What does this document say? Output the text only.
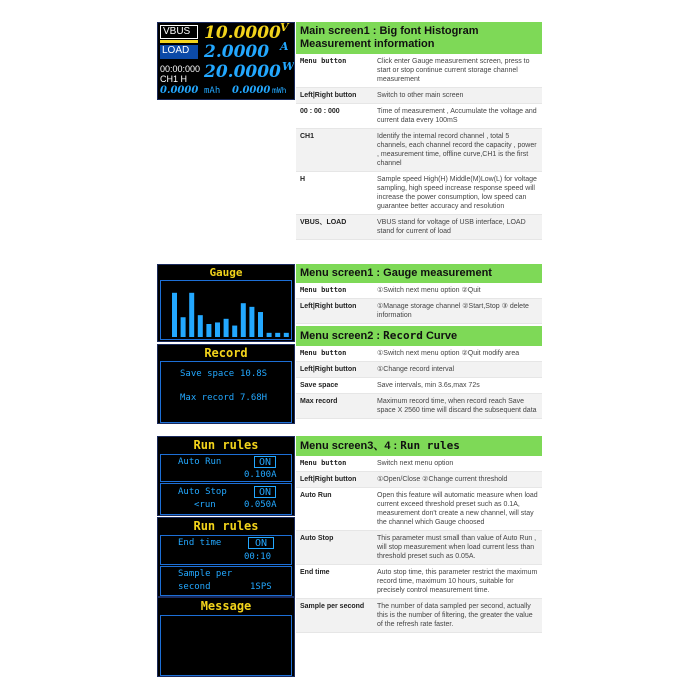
VBUS 10.0000 V
LOAD 2.0000 A
00:00:000
CH1 H 20.0000 W
0.0000 mAh 0.0000 mWh
Gauge
Record
Save space 10.8S
Max record 7.68H
Run rules
Auto Run	ON
0.100A
Auto Stop	ON
<run	0.050A
Run rules
End time	ON
00:10
Sample per
second	1SPS
Message
Main screen1 : Big font Histogram
Measurement information
Menu button	Click enter Gauge measurement screen, press to start or stop continue current storage channel measurement
Left|Right button	Switch to other main screen
00 : 00 : 000	Time of measurement , Accumulate the voltage and current data every 100mS
CH1	Identify the internal record channel , total 5 channels, each channel record the capacity , power , measurement time, offline curve,CH1 is the first channel
H	Sample speed High(H) Middle(M)Low(L) for voltage sampling, high speed increase response speed will increase the power consumption, low speed can guarantee better accuracy and resolution
VBUS、LOAD	VBUS stand for voltage of USB interface, LOAD stand for current of load
Menu screen1 : Gauge measurement
Menu button	①Switch next menu option ②Quit
Left|Right button	①Manage storage channel ②Start,Stop ③ delete information
Menu screen2 : Record Curve
Menu button	①Switch next menu option ②Quit modify area
Left|Right button	①Change record interval
Save space	Save intervals, min 3.6s,max 72s
Max record	Maximum record time, when record reach Save space X 2560 time will discard the subsequent data
Menu screen3、4 : Run rules
Menu button	Switch next menu option
Left|Right button	①Open/Close ②Change current threshold
Auto Run	Open this feature will automatic measure when load current exceed threshold preset such as 0.1A, measurement don't create a new channel, will stay the channel which Gauge choosed
Auto Stop	This parameter must small than value of Auto Run , will stop measurement when load current less than threshold preset such as 0.05A.
End time	Auto stop time, this parameter restrict the maximum record time, maximum 10 hours, suitable for precisely control measurement time.
Sample per second	The number of data sampled per second, actually this is the number of filtering, the greater the value of the refresh rate faster.
